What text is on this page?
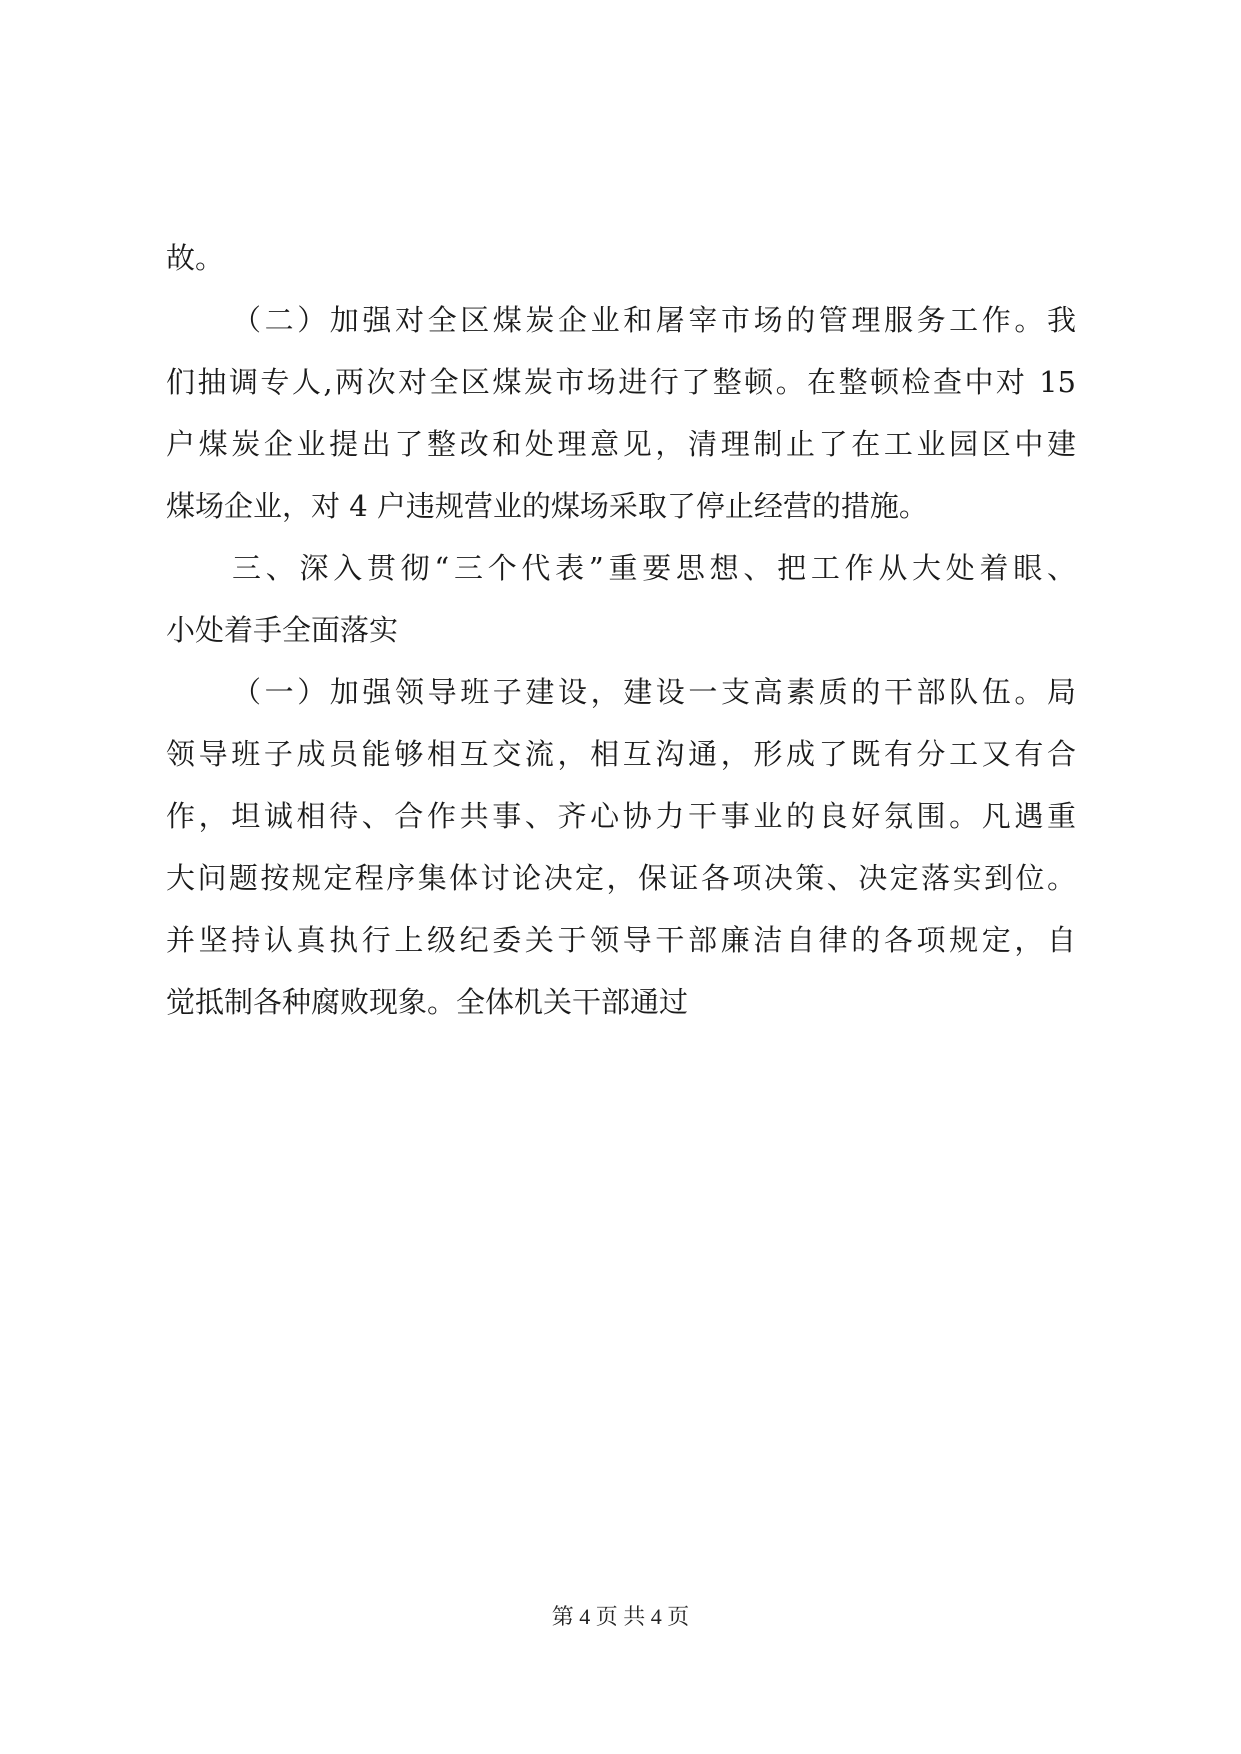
故。
（二）加强对全区煤炭企业和屠宰市场的管理服务工作。我
们抽调专人,两次对全区煤炭市场进行了整顿。在整顿检查中对 15
户煤炭企业提出了整改和处理意见，清理制止了在工业园区中建
煤场企业，对 4 户违规营业的煤场采取了停止经营的措施。
三、深入贯彻“三个代表”重要思想、把工作从大处着眼、
小处着手全面落实
（一）加强领导班子建设，建设一支高素质的干部队伍。局
领导班子成员能够相互交流，相互沟通，形成了既有分工又有合
作，坦诚相待、合作共事、齐心协力干事业的良好氛围。凡遇重
大问题按规定程序集体讨论决定，保证各项决策、决定落实到位。
并坚持认真执行上级纪委关于领导干部廉洁自律的各项规定，自
觉抵制各种腐败现象。全体机关干部通过
第 4 页 共 4 页
